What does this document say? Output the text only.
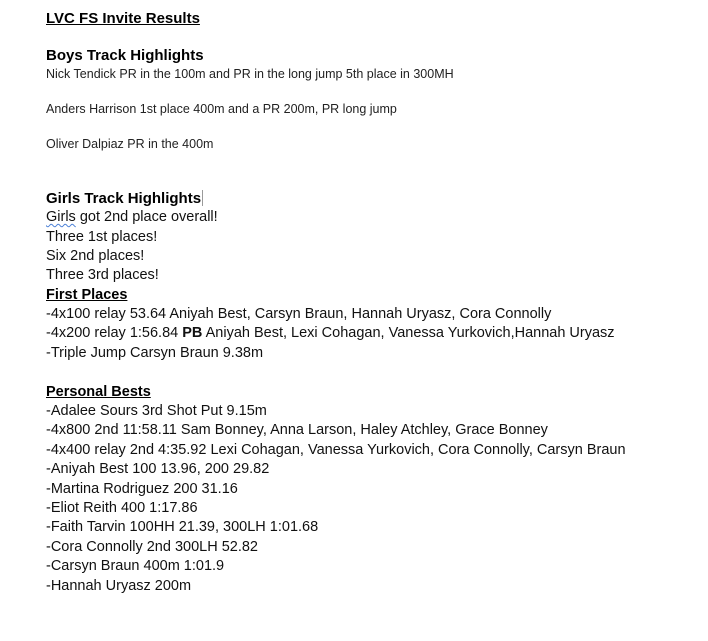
LVC FS Invite Results
Boys Track Highlights
Nick Tendick PR in the 100m and PR in the long jump 5th place in 300MH
Anders Harrison 1st place 400m and a PR 200m, PR long jump
Oliver Dalpiaz PR in the 400m
Girls Track Highlights
Girls got 2nd place overall!
Three 1st places!
Six 2nd places!
Three 3rd places!
First Places
-4x100 relay 53.64 Aniyah Best, Carsyn Braun, Hannah Uryasz, Cora Connolly
-4x200 relay 1:56.84 PB Aniyah Best, Lexi Cohagan, Vanessa Yurkovich,Hannah Uryasz
-Triple Jump Carsyn Braun 9.38m
Personal Bests
-Adalee Sours 3rd Shot Put 9.15m
-4x800 2nd 11:58.11 Sam Bonney, Anna Larson, Haley Atchley, Grace Bonney
-4x400 relay 2nd 4:35.92 Lexi Cohagan, Vanessa Yurkovich, Cora Connolly, Carsyn Braun
-Aniyah Best 100 13.96, 200 29.82
-Martina Rodriguez 200 31.16
-Eliot Reith 400 1:17.86
-Faith Tarvin 100HH 21.39, 300LH 1:01.68
-Cora Connolly 2nd 300LH 52.82
-Carsyn Braun 400m 1:01.9
-Hannah Uryasz 200m
